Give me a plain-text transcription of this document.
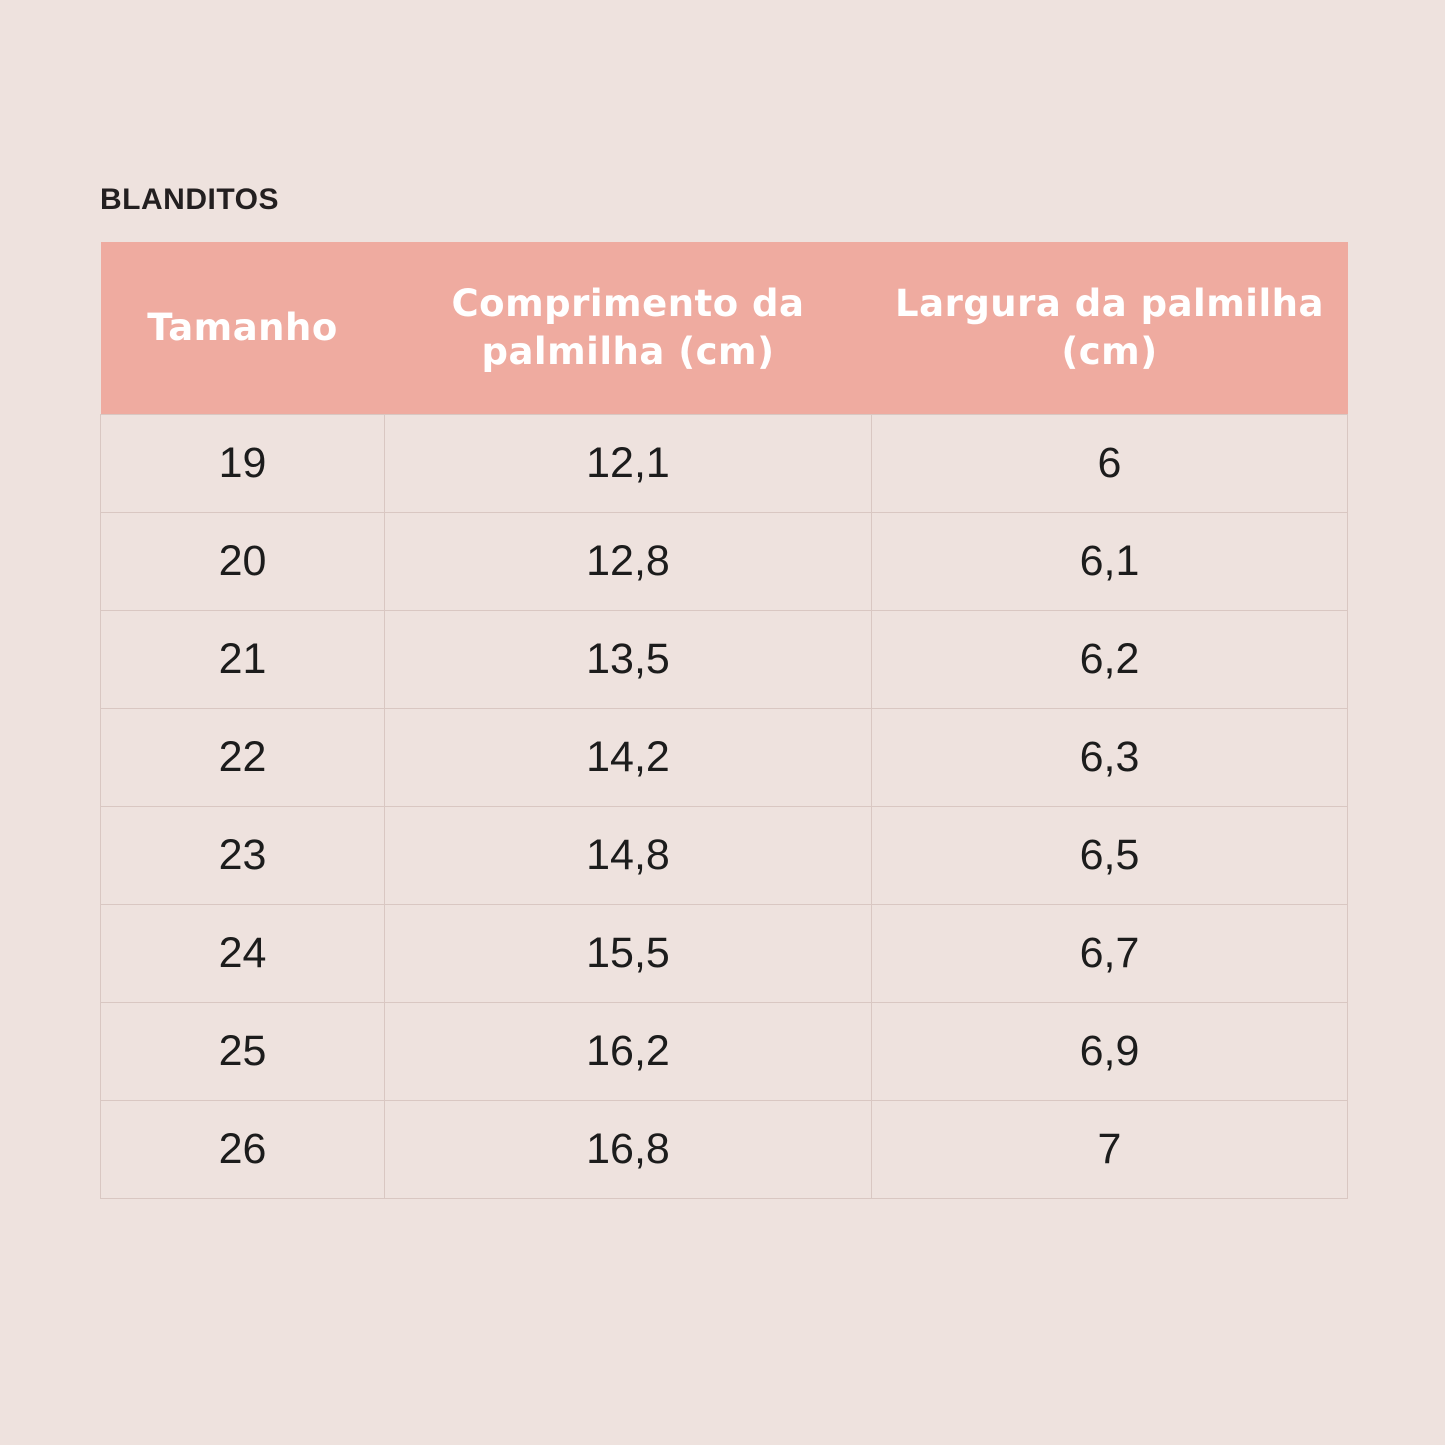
BLANDITOS
Tamanho	Comprimento da palmilha (cm)	Largura da palmilha (cm)
19	12,1	6
20	12,8	6,1
21	13,5	6,2
22	14,2	6,3
23	14,8	6,5
24	15,5	6,7
25	16,2	6,9
26	16,8	7
